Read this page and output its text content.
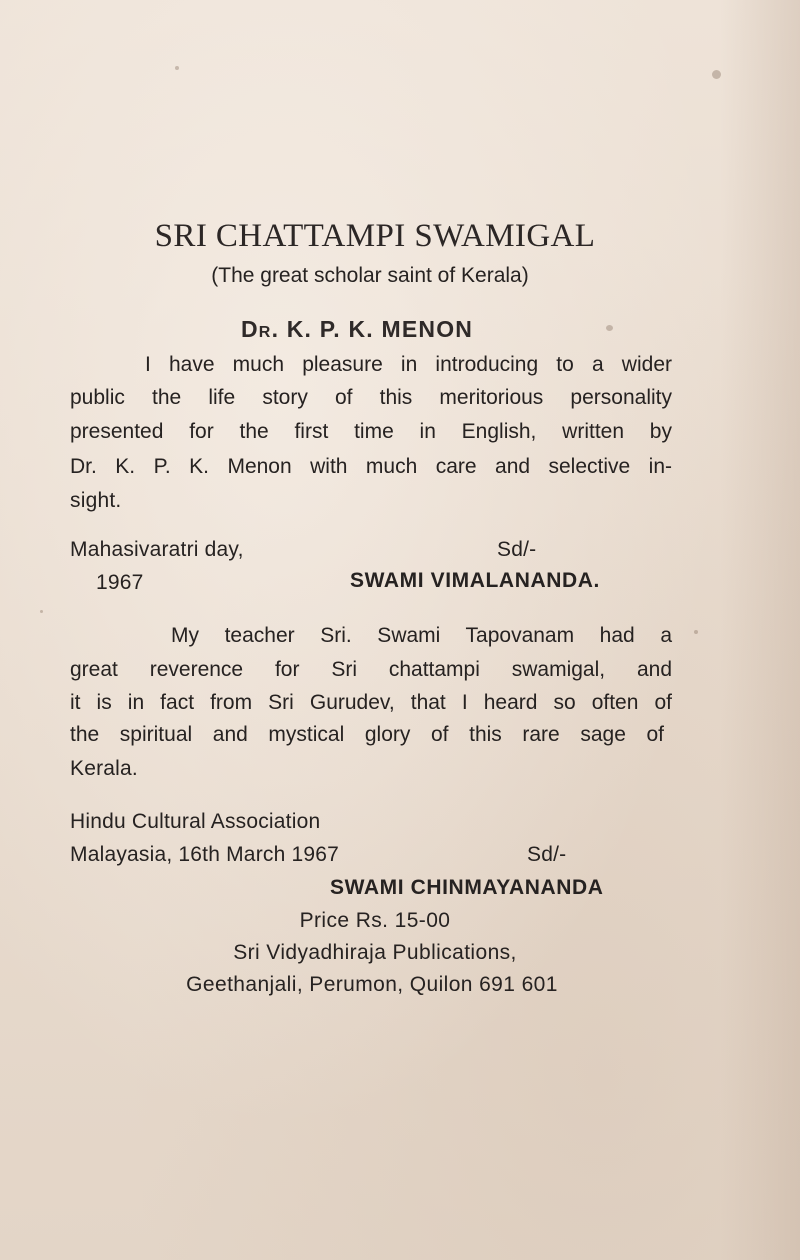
SRI CHATTAMPI SWAMIGAL
(The great scholar saint of Kerala)
Dr. K. P. K. MENON
I have much pleasure in introducing to a wider
public the life story of this meritorious personality
presented for the first time in English, written by
Dr. K. P. K. Menon with much care and selective in-
sight.
Mahasivaratri day,	Sd/-
1967	SWAMI VIMALANANDA.
My teacher Sri. Swami Tapovanam had a
great reverence for Sri chattampi swamigal, and
it is in fact from Sri Gurudev, that I heard so often of
the spiritual and mystical glory of this rare sage of
Kerala.
Hindu Cultural Association
Malayasia, 16th March 1967	Sd/-
SWAMI CHINMAYANANDA
Price Rs. 15-00
Sri Vidyadhiraja Publications,
Geethanjali, Perumon, Quilon 691 601
